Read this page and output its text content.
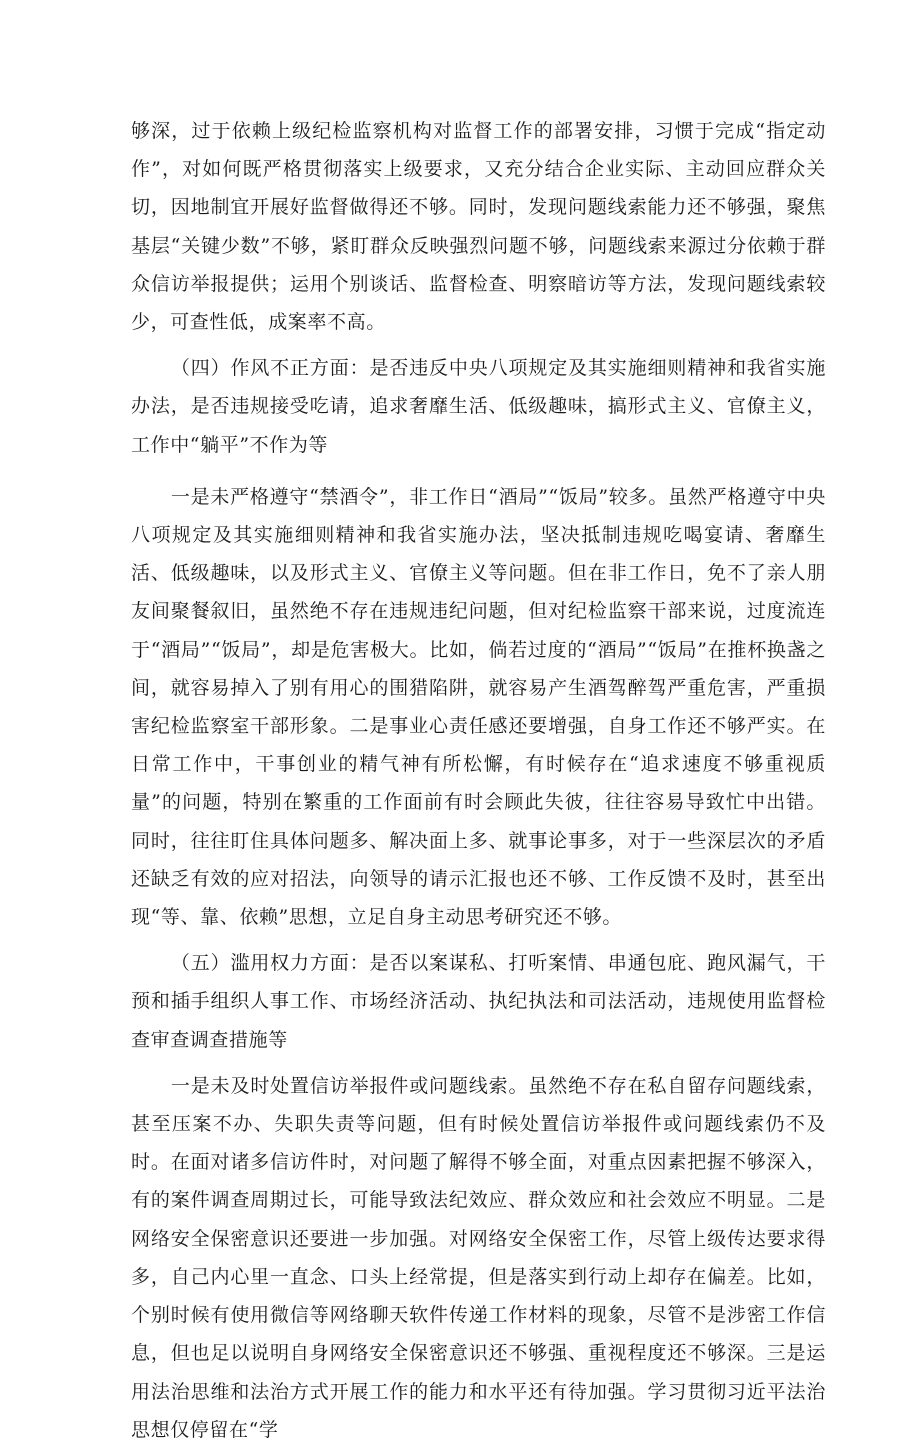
够深，过于依赖上级纪检监察机构对监督工作的部署安排，习惯于完成“指定动作”，对如何既严格贯彻落实上级要求，又充分结合企业实际、主动回应群众关切，因地制宜开展好监督做得还不够。同时，发现问题线索能力还不够强，聚焦基层“关键少数”不够，紧盯群众反映强烈问题不够，问题线索来源过分依赖于群众信访举报提供；运用个别谈话、监督检查、明察暗访等方法，发现问题线索较少，可查性低，成案率不高。

（四）作风不正方面：是否违反中央八项规定及其实施细则精神和我省实施办法，是否违规接受吃请，追求奢靡生活、低级趣味，搞形式主义、官僚主义，工作中“躺平”不作为等

一是未严格遵守“禁酒令”，非工作日“酒局”“饭局”较多。虽然严格遵守中央八项规定及其实施细则精神和我省实施办法，坚决抵制违规吃喝宴请、奢靡生活、低级趣味，以及形式主义、官僚主义等问题。但在非工作日，免不了亲人朋友间聚餐叙旧，虽然绝不存在违规违纪问题，但对纪检监察干部来说，过度流连于“酒局”“饭局”，却是危害极大。比如，倘若过度的“酒局”“饭局”在推杯换盏之间，就容易掉入了别有用心的围猎陷阱，就容易产生酒驾醉驾严重危害，严重损害纪检监察室干部形象。二是事业心责任感还要增强，自身工作还不够严实。在日常工作中，干事创业的精气神有所松懈，有时候存在“追求速度不够重视质量”的问题，特别在繁重的工作面前有时会顾此失彼，往往容易导致忙中出错。同时，往往盯住具体问题多、解决面上多、就事论事多，对于一些深层次的矛盾还缺乏有效的应对招法，向领导的请示汇报也还不够、工作反馈不及时，甚至出现“等、靠、依赖”思想，立足自身主动思考研究还不够。

（五）滥用权力方面：是否以案谋私、打听案情、串通包庇、跑风漏气，干预和插手组织人事工作、市场经济活动、执纪执法和司法活动，违规使用监督检查审查调查措施等

一是未及时处置信访举报件或问题线索。虽然绝不存在私自留存问题线索，甚至压案不办、失职失责等问题，但有时候处置信访举报件或问题线索仍不及时。在面对诸多信访件时，对问题了解得不够全面，对重点因素把握不够深入，有的案件调查周期过长，可能导致法纪效应、群众效应和社会效应不明显。二是网络安全保密意识还要进一步加强。对网络安全保密工作，尽管上级传达要求得多，自己内心里一直念、口头上经常提，但是落实到行动上却存在偏差。比如，个别时候有使用微信等网络聊天软件传递工作材料的现象，尽管不是涉密工作信息，但也足以说明自身网络安全保密意识还不够强、重视程度还不够深。三是运用法治思维和法治方式开展工作的能力和水平还有待加强。学习贯彻习近平法治思想仅停留在“学
